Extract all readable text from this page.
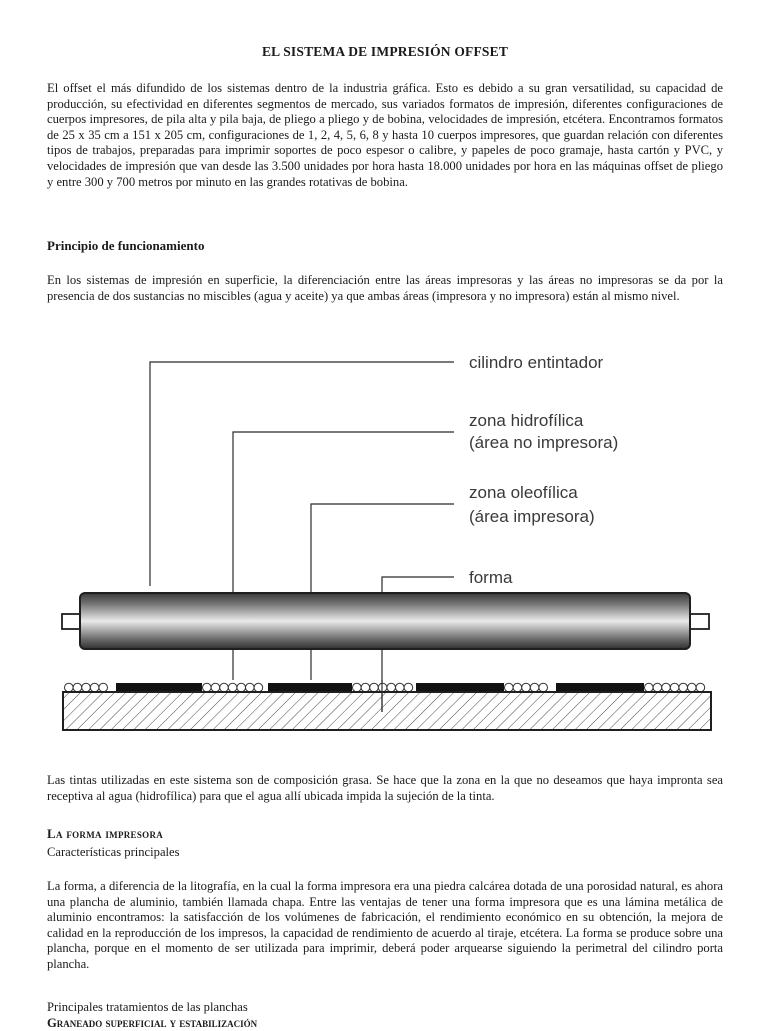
EL SISTEMA DE IMPRESIÓN OFFSET
El offset el más difundido de los sistemas dentro de la industria gráfica. Esto es debido a su gran versatilidad, su capacidad de producción, su efectividad en diferentes segmentos de mercado, sus variados formatos de impresión, diferentes configuraciones de cuerpos impresores, de pila alta y pila baja, de pliego a pliego y de bobina, velocidades de impresión, etcétera. Encontramos formatos de 25 x 35 cm a 151 x 205 cm, configuraciones de 1, 2, 4, 5, 6, 8 y hasta 10 cuerpos impresores, que guardan relación con diferentes tipos de trabajos, preparadas para imprimir soportes de poco espesor o calibre, y papeles de poco gramaje, hasta cartón y PVC, y velocidades de impresión que van desde las 3.500 unidades por hora hasta 18.000 unidades por hora en las máquinas offset de pliego y entre 300 y 700 metros por minuto en las grandes rotativas de bobina.
Principio de funcionamiento
En los sistemas de impresión en superficie, la diferenciación entre las áreas impresoras y las áreas no impresoras se da por la presencia de dos sustancias no miscibles (agua y aceite) ya que ambas áreas (impresora y no impresora) están al mismo nivel.
Las tintas utilizadas en este sistema son de composición grasa. Se hace que la zona en la que no deseamos que haya impronta sea receptiva al agua (hidrofílica) para que el agua allí ubicada impida la sujeción de la tinta.
La forma impresora
Características principales
La forma, a diferencia de la litografía, en la cual la forma impresora era una piedra calcárea dotada de una porosidad natural, es ahora una plancha de aluminio, también llamada chapa. Entre las ventajas de tener una forma impresora que es una lámina metálica de aluminio encontramos: la satisfacción de los volúmenes de fabricación, el rendimiento económico en su obtención, la mejora de calidad en la reproducción de los impresos, la capacidad de rendimiento de acuerdo al tiraje, etcétera. La forma se produce sobre una plancha, porque en el momento de ser utilizada para imprimir, deberá poder arquearse siguiendo la perimetral del cilindro porta plancha.
Principales tratamientos de las planchas
Graneado superficial y estabilización
cilindro entintador
zona hidrofílica
(área no impresora)
zona oleofílica
(área impresora)
forma
